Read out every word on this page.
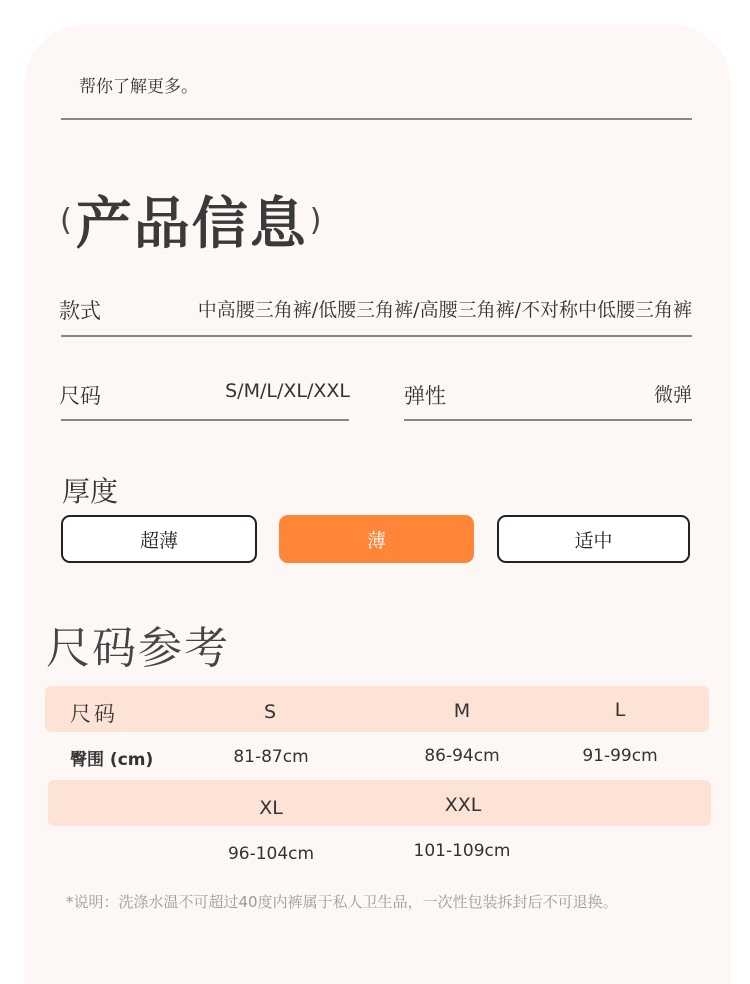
帮你了解更多。
( 产品信息 )
款式	中高腰三角裤/低腰三角裤/高腰三角裤/不对称中低腰三角裤
尺码	S/M/L/XL/XXL	弹性	微弹
厚度
超薄	薄	适中
尺码参考
尺码	S	M	L
臀围 (cm)	81-87cm	86-94cm	91-99cm
XL	XXL
96-104cm	101-109cm
*说明：洗涤水温不可超过40度内裤属于私人卫生品，一次性包装拆封后不可退换。
